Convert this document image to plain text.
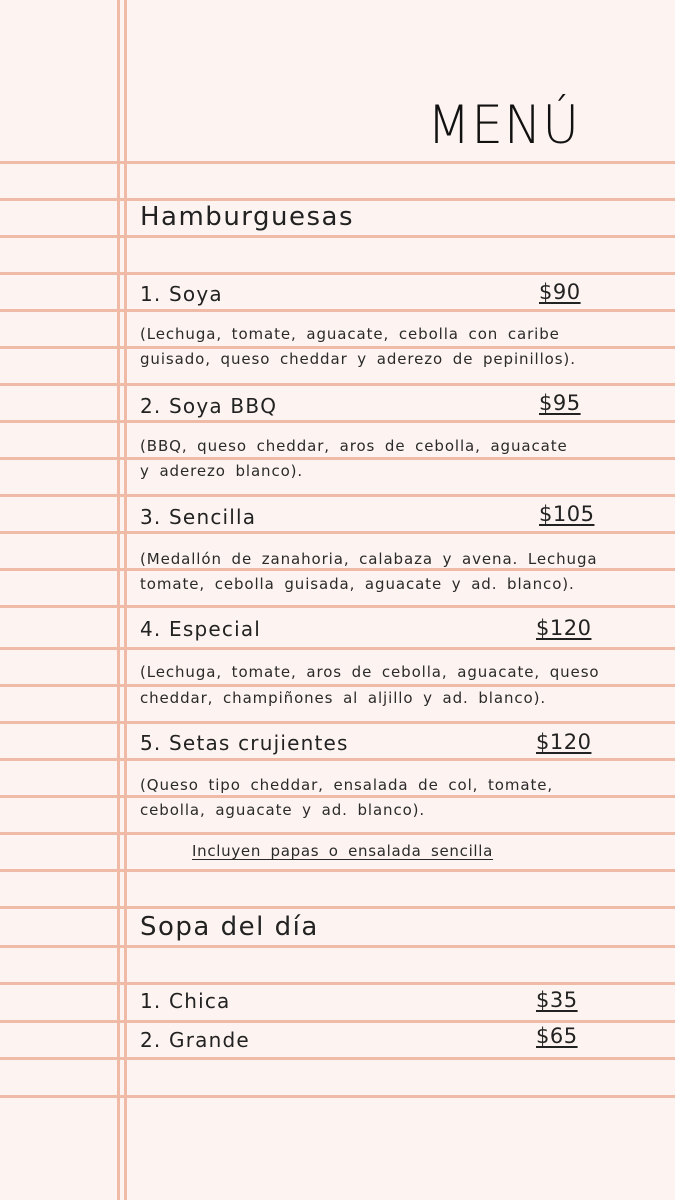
MENÚ
Hamburguesas
1. Soya	$90
(Lechuga, tomate, aguacate, cebolla con caribe
guisado, queso cheddar y aderezo de pepinillos).
2. Soya BBQ	$95
(BBQ, queso cheddar, aros de cebolla, aguacate
y aderezo blanco).
3. Sencilla	$105
(Medallón de zanahoria, calabaza y avena. Lechuga
tomate, cebolla guisada, aguacate y ad. blanco).
4. Especial	$120
(Lechuga, tomate, aros de cebolla, aguacate, queso
cheddar, champiñones al aljillo y ad. blanco).
5. Setas crujientes	$120
(Queso tipo cheddar, ensalada de col, tomate,
cebolla, aguacate y ad. blanco).
Incluyen papas o ensalada sencilla
Sopa del día
1. Chica	$35
2. Grande	$65
